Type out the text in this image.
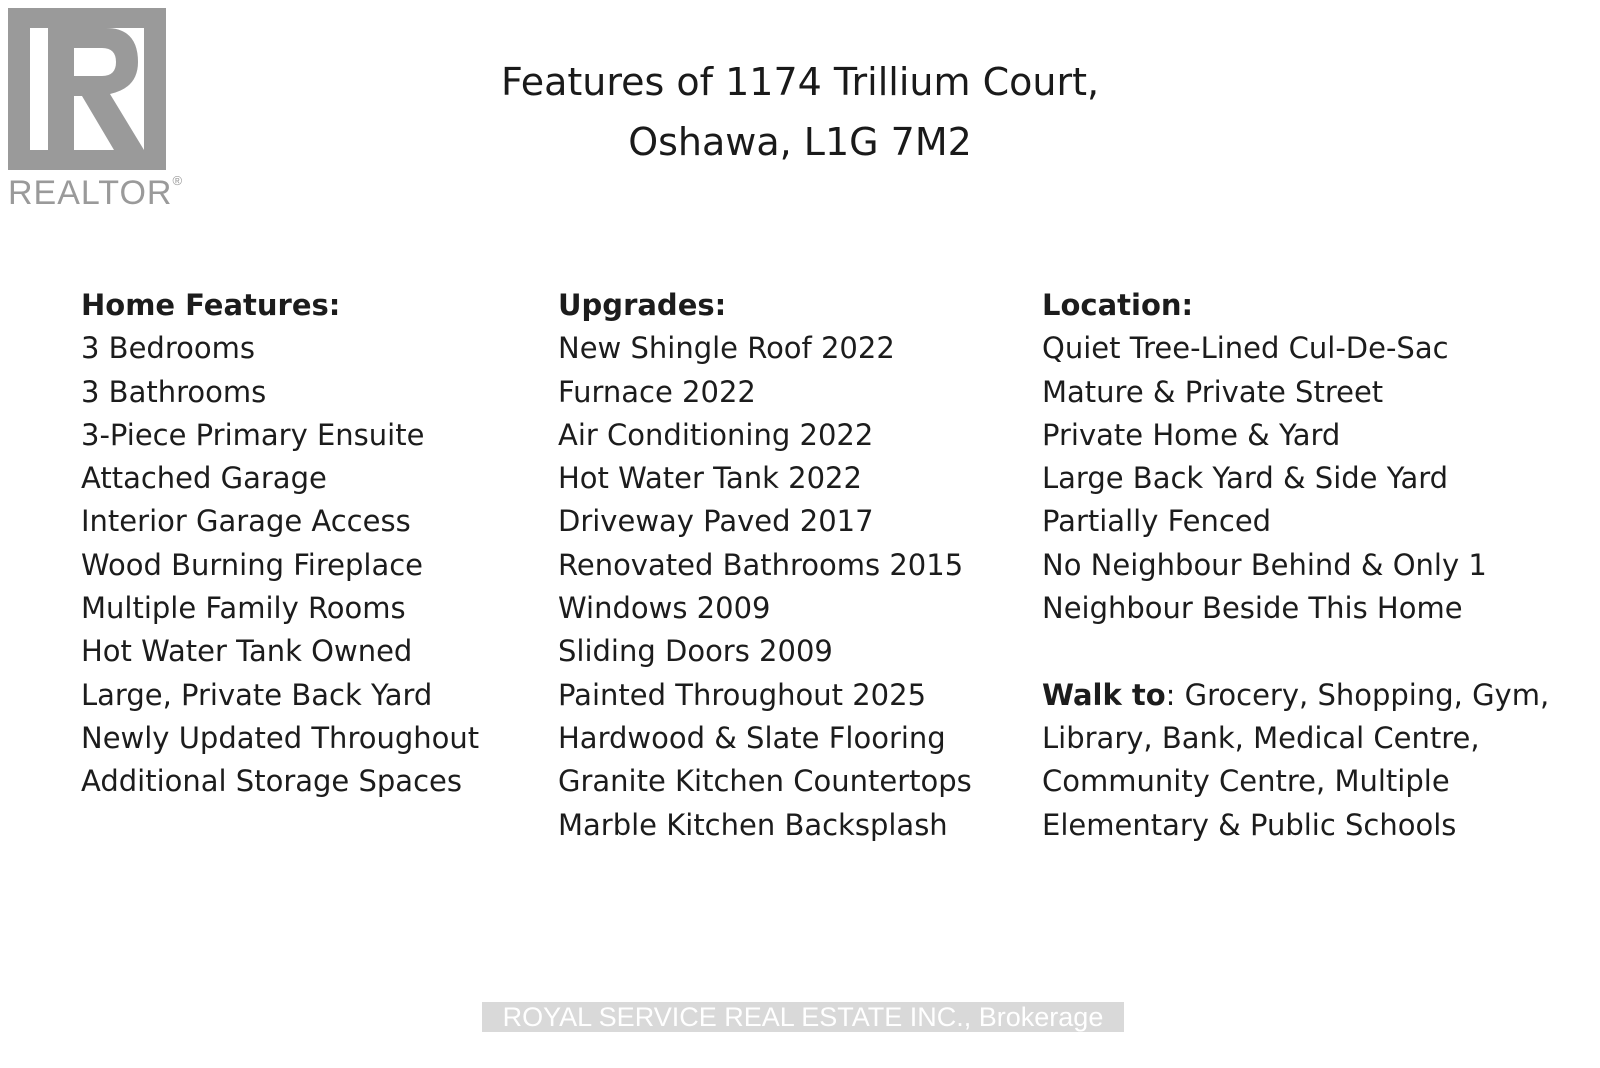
REALTOR®
Features of 1174 Trillium Court,
Oshawa, L1G 7M2
Home Features:
3 Bedrooms
3 Bathrooms
3-Piece Primary Ensuite
Attached Garage
Interior Garage Access
Wood Burning Fireplace
Multiple Family Rooms
Hot Water Tank Owned
Large, Private Back Yard
Newly Updated Throughout
Additional Storage Spaces
Upgrades:
New Shingle Roof 2022
Furnace 2022
Air Conditioning 2022
Hot Water Tank 2022
Driveway Paved 2017
Renovated Bathrooms 2015
Windows 2009
Sliding Doors 2009
Painted Throughout 2025
Hardwood & Slate Flooring
Granite Kitchen Countertops
Marble Kitchen Backsplash
Location:
Quiet Tree-Lined Cul-De-Sac
Mature & Private Street
Private Home & Yard
Large Back Yard & Side Yard
Partially Fenced
No Neighbour Behind & Only 1
Neighbour Beside This Home
Walk to: Grocery, Shopping, Gym,
Library, Bank, Medical Centre,
Community Centre, Multiple
Elementary & Public Schools
ROYAL SERVICE REAL ESTATE INC., Brokerage
